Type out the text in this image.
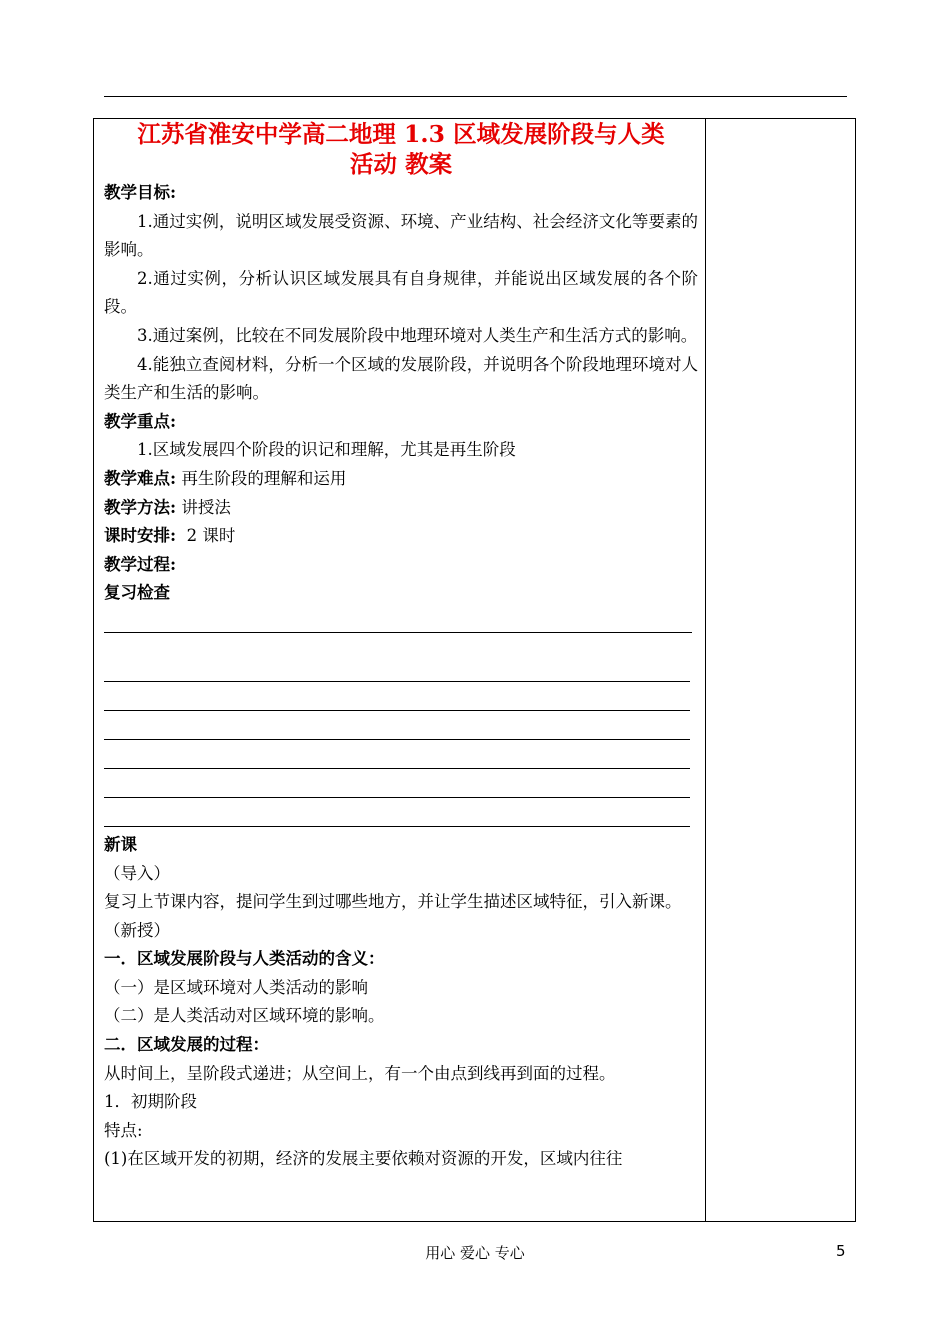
江苏省淮安中学高二地理 1.3 区域发展阶段与人类
活动 教案

教学目标:

1.通过实例，说明区域发展受资源、环境、产业结构、社会经济文化等要素的影响。

2.通过实例，分析认识区域发展具有自身规律，并能说出区域发展的各个阶段。

3.通过案例，比较在不同发展阶段中地理环境对人类生产和生活方式的影响。

4.能独立查阅材料，分析一个区域的发展阶段，并说明各个阶段地理环境对人类生产和生活的影响。

教学重点:

1.区域发展四个阶段的识记和理解，尤其是再生阶段

教学难点: 再生阶段的理解和运用

教学方法: 讲授法

课时安排: 2 课时

教学过程:

复习检查

新课

（导入）

复习上节课内容，提问学生到过哪些地方，并让学生描述区域特征，引入新课。

（新授）

一．区域发展阶段与人类活动的含义：

（一）是区域环境对人类活动的影响

（二）是人类活动对区域环境的影响。

二．区域发展的过程：

从时间上，呈阶段式递进；从空间上，有一个由点到线再到面的过程。

1．初期阶段

特点:

(1)在区域开发的初期，经济的发展主要依赖对资源的开发，区域内往往

用心 爱心 专心	5
